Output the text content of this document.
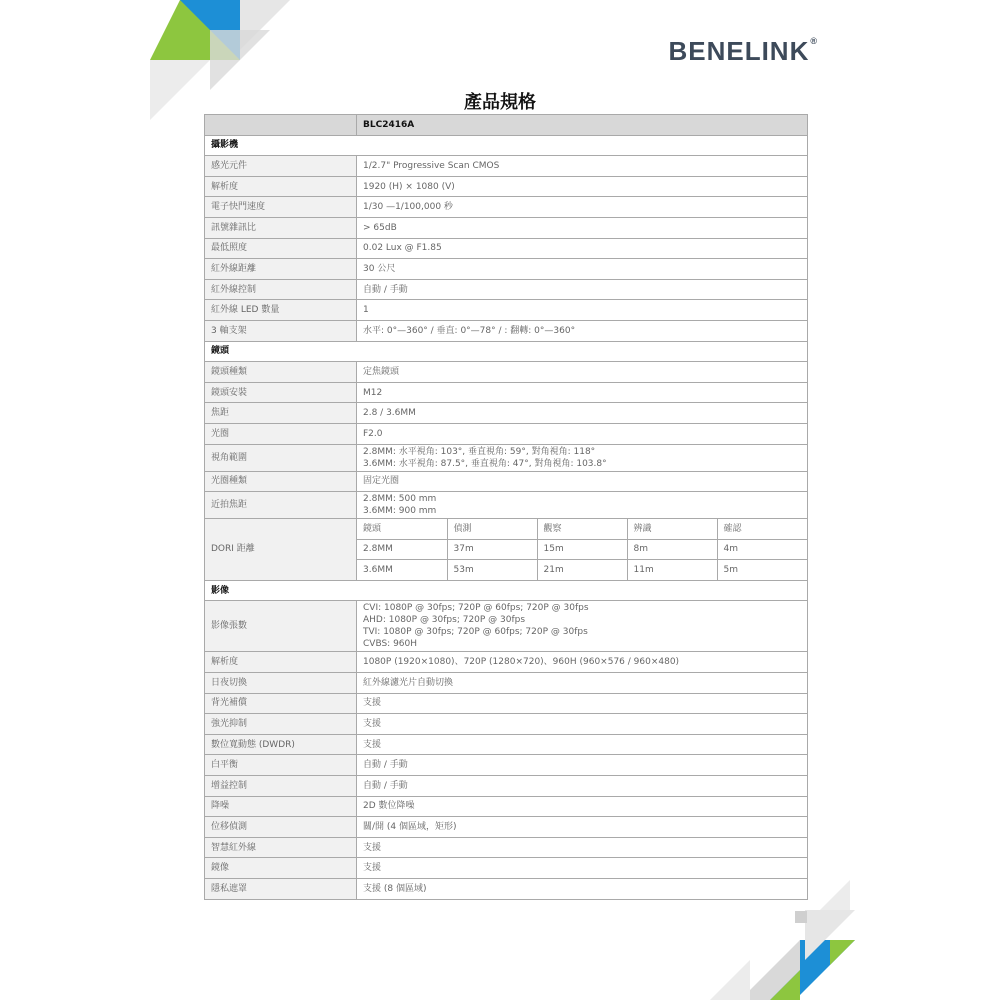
BENELINK®
產品規格
	BLC2416A
攝影機
感光元件	1/2.7" Progressive Scan CMOS

解析度	1920 (H) × 1080 (V)

電子快門速度	1/30 —1/100,000 秒

訊號雜訊比	> 65dB

最低照度	0.02 Lux @ F1.85

紅外線距離	30 公尺

紅外線控制	自動 / 手動

紅外線 LED 數量	1

3 軸支架	水平: 0°—360° / 垂直: 0°—78° / : 翻轉: 0°—360°

鏡頭
鏡頭種類	定焦鏡頭

鏡頭安裝	M12

焦距	2.8 / 3.6MM

光圈	F2.0

視角範圍	
2.8MM: 水平視角: 103°, 垂直視角: 59°, 對角視角: 118°
3.6MM: 水平視角: 87.5°, 垂直視角: 47°, 對角視角: 103.8°

光圈種類	固定光圈

近拍焦距	
2.8MM: 500 mm
3.6MM: 900 mm

DORI 距離	
鏡頭	偵測	觀察	辨識	確認
2.8MM	37m	15m	8m	4m
3.6MM	53m	21m	11m	5m

影像
影像張數	
CVI: 1080P @ 30fps; 720P @ 60fps; 720P @ 30fps
AHD: 1080P @ 30fps; 720P @ 30fps
TVI: 1080P @ 30fps; 720P @ 60fps; 720P @ 30fps
CVBS: 960H

解析度	1080P (1920×1080)、720P (1280×720)、960H (960×576 / 960×480)

日夜切換	紅外線濾光片自動切換

背光補償	支援

強光抑制	支援

數位寬動態 (DWDR)	支援

白平衡	自動 / 手動

增益控制	自動 / 手動

降噪	2D 數位降噪

位移偵測	關/開 (4 個區域，矩形)

智慧紅外線	支援

鏡像	支援

隱私遮罩	支援 (8 個區域)
